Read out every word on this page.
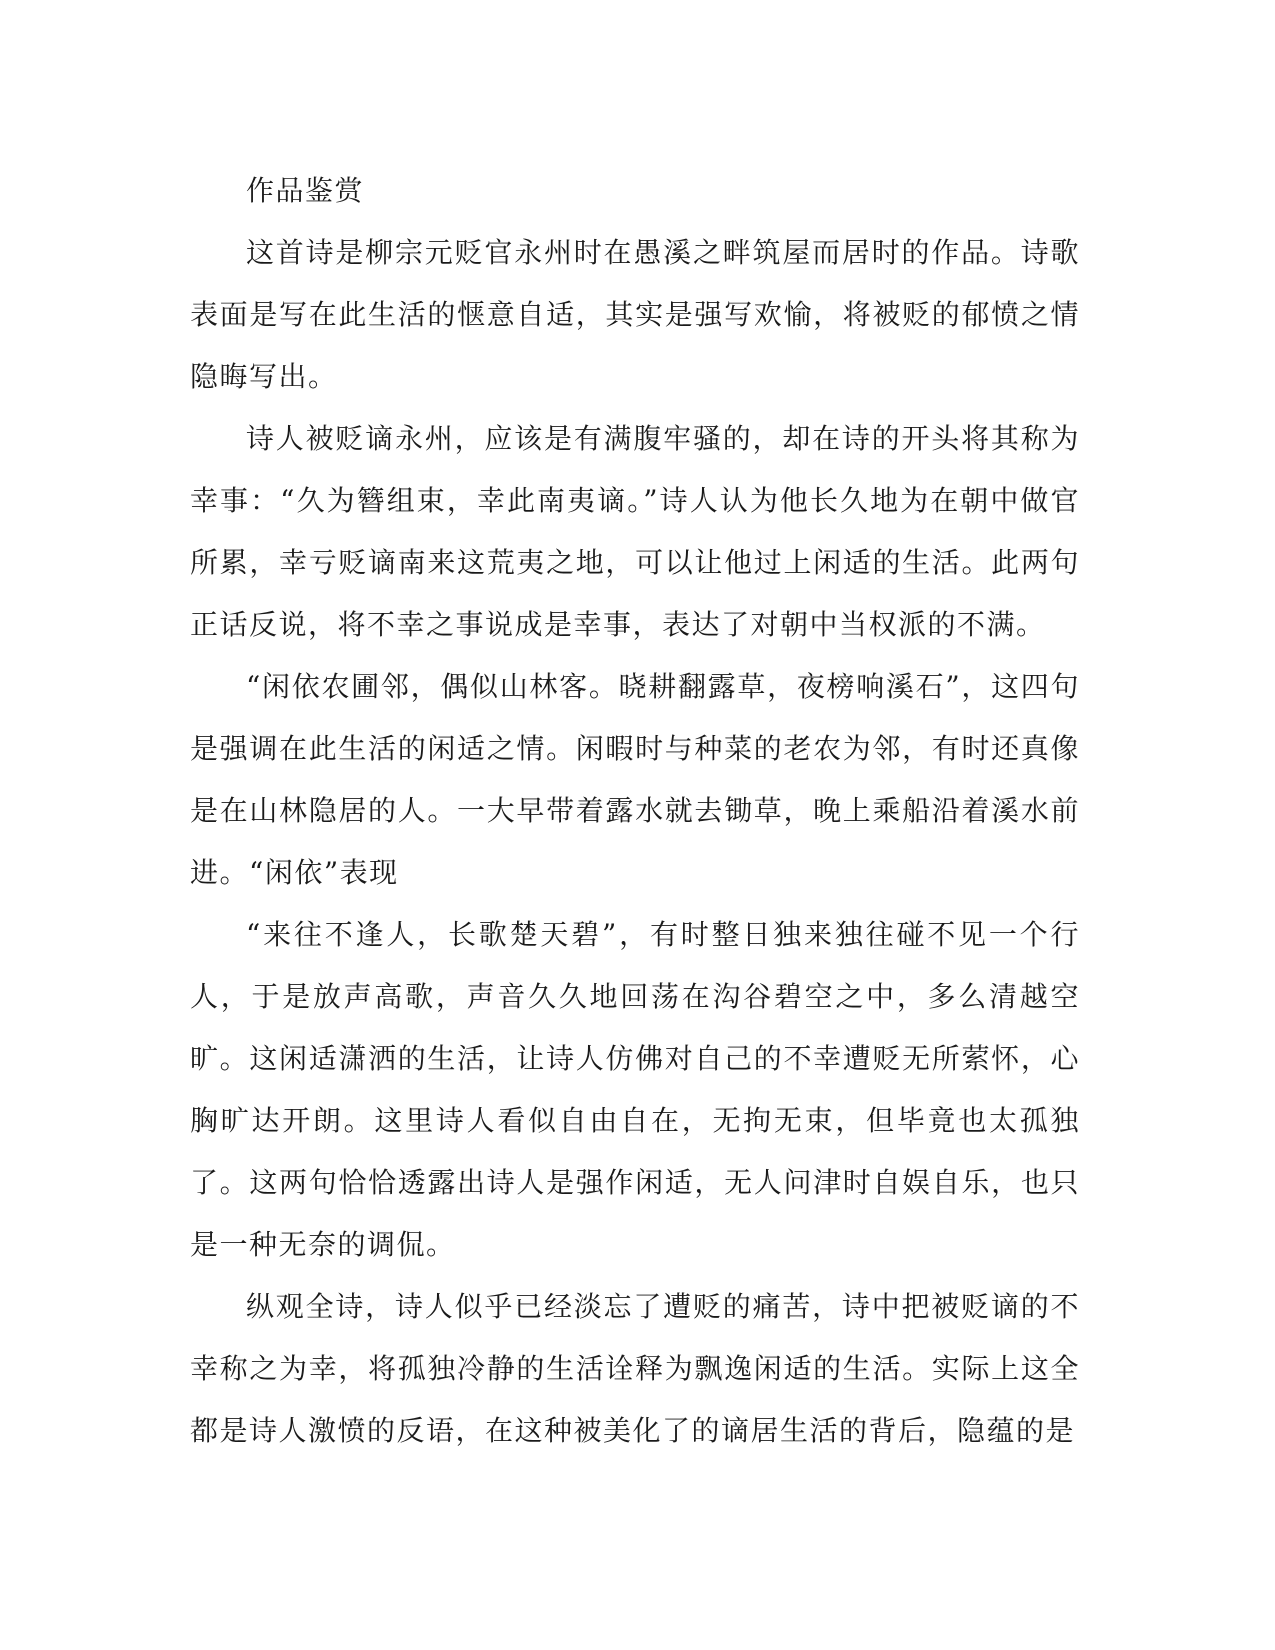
作品鉴赏

这首诗是柳宗元贬官永州时在愚溪之畔筑屋而居时的作品。诗歌表面是写在此生活的惬意自适，其实是强写欢愉，将被贬的郁愤之情隐晦写出。

诗人被贬谪永州，应该是有满腹牢骚的，却在诗的开头将其称为幸事：“久为簪组束，幸此南夷谪。”诗人认为他长久地为在朝中做官所累，幸亏贬谪南来这荒夷之地，可以让他过上闲适的生活。此两句正话反说，将不幸之事说成是幸事，表达了对朝中当权派的不满。

“闲依农圃邻，偶似山林客。晓耕翻露草，夜榜响溪石”，这四句是强调在此生活的闲适之情。闲暇时与种菜的老农为邻，有时还真像是在山林隐居的人。一大早带着露水就去锄草，晚上乘船沿着溪水前进。“闲依”表现

“来往不逢人，长歌楚天碧”，有时整日独来独往碰不见一个行人，于是放声高歌，声音久久地回荡在沟谷碧空之中，多么清越空旷。这闲适潇洒的生活，让诗人仿佛对自己的不幸遭贬无所萦怀，心胸旷达开朗。这里诗人看似自由自在，无拘无束，但毕竟也太孤独了。这两句恰恰透露出诗人是强作闲适，无人问津时自娱自乐，也只是一种无奈的调侃。

纵观全诗，诗人似乎已经淡忘了遭贬的痛苦，诗中把被贬谪的不幸称之为幸，将孤独冷静的生活诠释为飘逸闲适的生活。实际上这全都是诗人激愤的反语，在这种被美化了的谪居生活的背后，隐蕴的是
